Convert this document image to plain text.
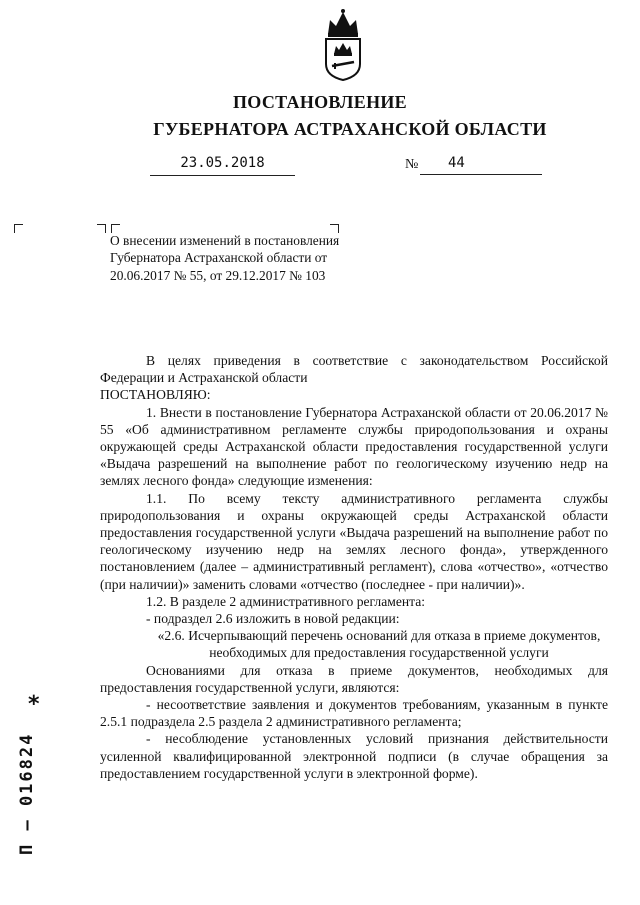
ПОСТАНОВЛЕНИЕ
ГУБЕРНАТОРА АСТРАХАНСКОЙ ОБЛАСТИ
23.05.2018	№	44
О внесении изменений в постановления Губернатора Астраханской области от 20.06.2017 № 55, от 29.12.2017 № 103

В целях приведения в соответствие с законодательством Российской Федерации и Астраханской области

ПОСТАНОВЛЯЮ:

1. Внести в постановление Губернатора Астраханской области от 20.06.2017 № 55 «Об административном регламенте службы природопользования и охраны окружающей среды Астраханской области предоставления государственной услуги «Выдача разрешений на выполнение работ по геологическому изучению недр на землях лесного фонда» следующие изменения:

1.1. По всему тексту административного регламента службы природопользования и охраны окружающей среды Астраханской области предоставления государственной услуги «Выдача разрешений на выполнение работ по геологическому изучению недр на землях лесного фонда», утвержденного постановлением (далее – административный регламент), слова «отчество», «отчество (при наличии)» заменить словами «отчество (последнее - при наличии)».

1.2. В разделе 2 административного регламента:

- подраздел 2.6 изложить в новой редакции:

«2.6. Исчерпывающий перечень оснований для отказа в приеме документов, необходимых для предоставления государственной услуги

Основаниями для отказа в приеме документов, необходимых для предоставления государственной услуги, являются:

- несоответствие заявления и документов требованиям, указанным в пункте 2.5.1 подраздела 2.5 раздела 2 административного регламента;

- несоблюдение установленных условий признания действительности усиленной квалифицированной электронной подписи (в случае обращения за предоставлением государственной услуги в электронной форме).

*
П – 016824
